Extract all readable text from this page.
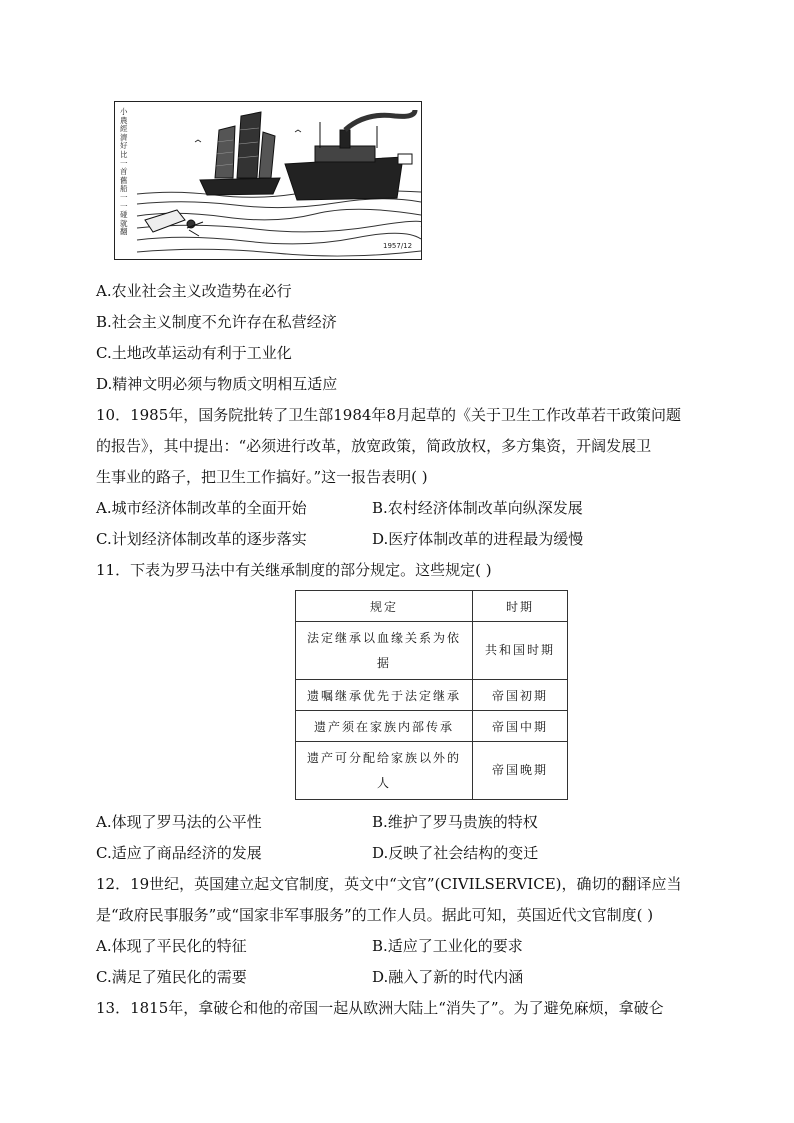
小農經濟好比一首舊船一一碰就翻
1957/12
A.农业社会主义改造势在必行
B.社会主义制度不允许存在私营经济
C.土地改革运动有利于工业化
D.精神文明必须与物质文明相互适应
10．1985年，国务院批转了卫生部1984年8月起草的《关于卫生工作改革若干政策问题
的报告》，其中提出：“必须进行改革，放宽政策，简政放权，多方集资，开阔发展卫
生事业的路子，把卫生工作搞好。”这一报告表明( )
A.城市经济体制改革的全面开始	B.农村经济体制改革向纵深发展
C.计划经济体制改革的逐步落实	D.医疗体制改革的进程最为缓慢
11．下表为罗马法中有关继承制度的部分规定。这些规定( )
规定	时期
法定继承以血缘关系为依
据	共和国时期
遗嘱继承优先于法定继承	帝国初期
遗产须在家族内部传承	帝国中期
遗产可分配给家族以外的
人	帝国晚期
A.体现了罗马法的公平性	B.维护了罗马贵族的特权
C.适应了商品经济的发展	D.反映了社会结构的变迁
12．19世纪，英国建立起文官制度，英文中“文官”(CIVILSERVICE)，确切的翻译应当
是“政府民事服务”或“国家非军事服务”的工作人员。据此可知，英国近代文官制度( )
A.体现了平民化的特征	B.适应了工业化的要求
C.满足了殖民化的需要	D.融入了新的时代内涵
13．1815年，拿破仑和他的帝国一起从欧洲大陆上“消失了”。为了避免麻烦，拿破仑
